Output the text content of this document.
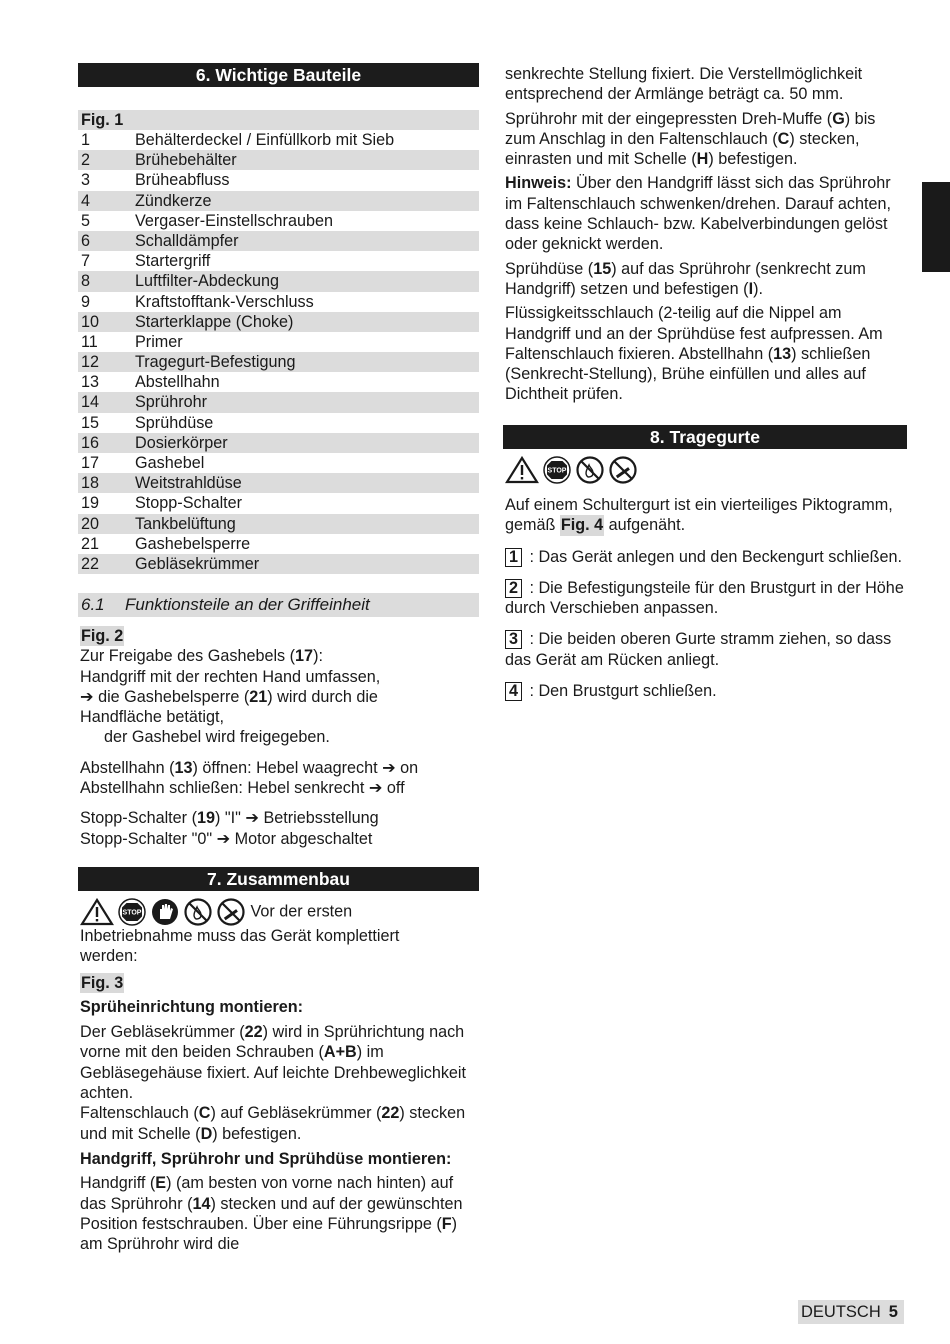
6. Wichtige Bauteile
Fig. 1
1	Behälterdeckel / Einfüllkorb mit Sieb
2	Brühebehälter
3	Brüheabfluss
4	Zündkerze
5	Vergaser-Einstellschrauben
6	Schalldämpfer
7	Startergriff
8	Luftfilter-Abdeckung
9	Kraftstofftank-Verschluss
10	Starterklappe (Choke)
11	Primer
12	Tragegurt-Befestigung
13	Abstellhahn
14	Sprührohr
15	Sprühdüse
16	Dosierkörper
17	Gashebel
18	Weitstrahldüse
19	Stopp-Schalter
20	Tankbelüftung
21	Gashebelsperre
22	Gebläsekrümmer
6.1 Funktionsteile an der Griffeinheit

Fig. 2

Zur Freigabe des Gashebels (17):

Handgriff mit der rechten Hand umfassen,

➔ die Gashebelsperre (21) wird durch die

Handfläche betätigt,

der Gashebel wird freigegeben.

Abstellhahn (13) öffnen: Hebel waagrecht ➔ on

Abstellhahn schließen: Hebel senkrecht ➔ off

Stopp-Schalter (19) "I" ➔ Betriebsstellung

Stopp-Schalter "0" ➔ Motor abgeschaltet

7. Zusammenbau

STOP	Vor der ersten

Inbetriebnahme muss das Gerät komplettiert

werden:

Fig. 3

Sprüheinrichtung montieren:

Der Gebläsekrümmer (22) wird in Sprührichtung nach vorne mit den beiden Schrauben (A+B) im Gebläsegehäuse fixiert. Auf leichte Drehbeweglichkeit achten.

Faltenschlauch (C) auf Gebläsekrümmer (22) stecken und mit Schelle (D) befestigen.

Handgriff, Sprührohr und Sprühdüse montieren:

Handgriff (E) (am besten von vorne nach hinten) auf das Sprührohr (14) stecken und auf der gewünschten Position festschrauben. Über eine Führungsrippe (F) am Sprührohr wird die

senkrechte Stellung fixiert. Die Verstellmöglichkeit entsprechend der Armlänge beträgt ca. 50 mm.

Sprührohr mit der eingepressten Dreh-Muffe (G) bis zum Anschlag in den Faltenschlauch (C) stecken, einrasten und mit Schelle (H) befestigen.

Hinweis: Über den Handgriff lässt sich das Sprührohr im Faltenschlauch schwenken/drehen. Darauf achten, dass keine Schlauch- bzw. Kabelverbindungen gelöst oder geknickt werden.

Sprühdüse (15) auf das Sprührohr (senkrecht zum Handgriff) setzen und befestigen (I).

Flüssigkeitsschlauch (2-teilig auf die Nippel am Handgriff und an der Sprühdüse fest aufpressen. Am Faltenschlauch fixieren. Abstellhahn (13) schließen (Senkrecht-Stellung), Brühe einfüllen und alles auf Dichtheit prüfen.

8. Tragegurte

STOP

Auf einem Schultergurt ist ein vierteiliges Piktogramm, gemäß Fig. 4 aufgenäht.

1 : Das Gerät anlegen und den Beckengurt schließen.

2 : Die Befestigungsteile für den Brustgurt in der Höhe durch Verschieben anpassen.

3 : Die beiden oberen Gurte stramm ziehen, so dass das Gerät am Rücken anliegt.

4 : Den Brustgurt schließen.

DEUTSCH 5
